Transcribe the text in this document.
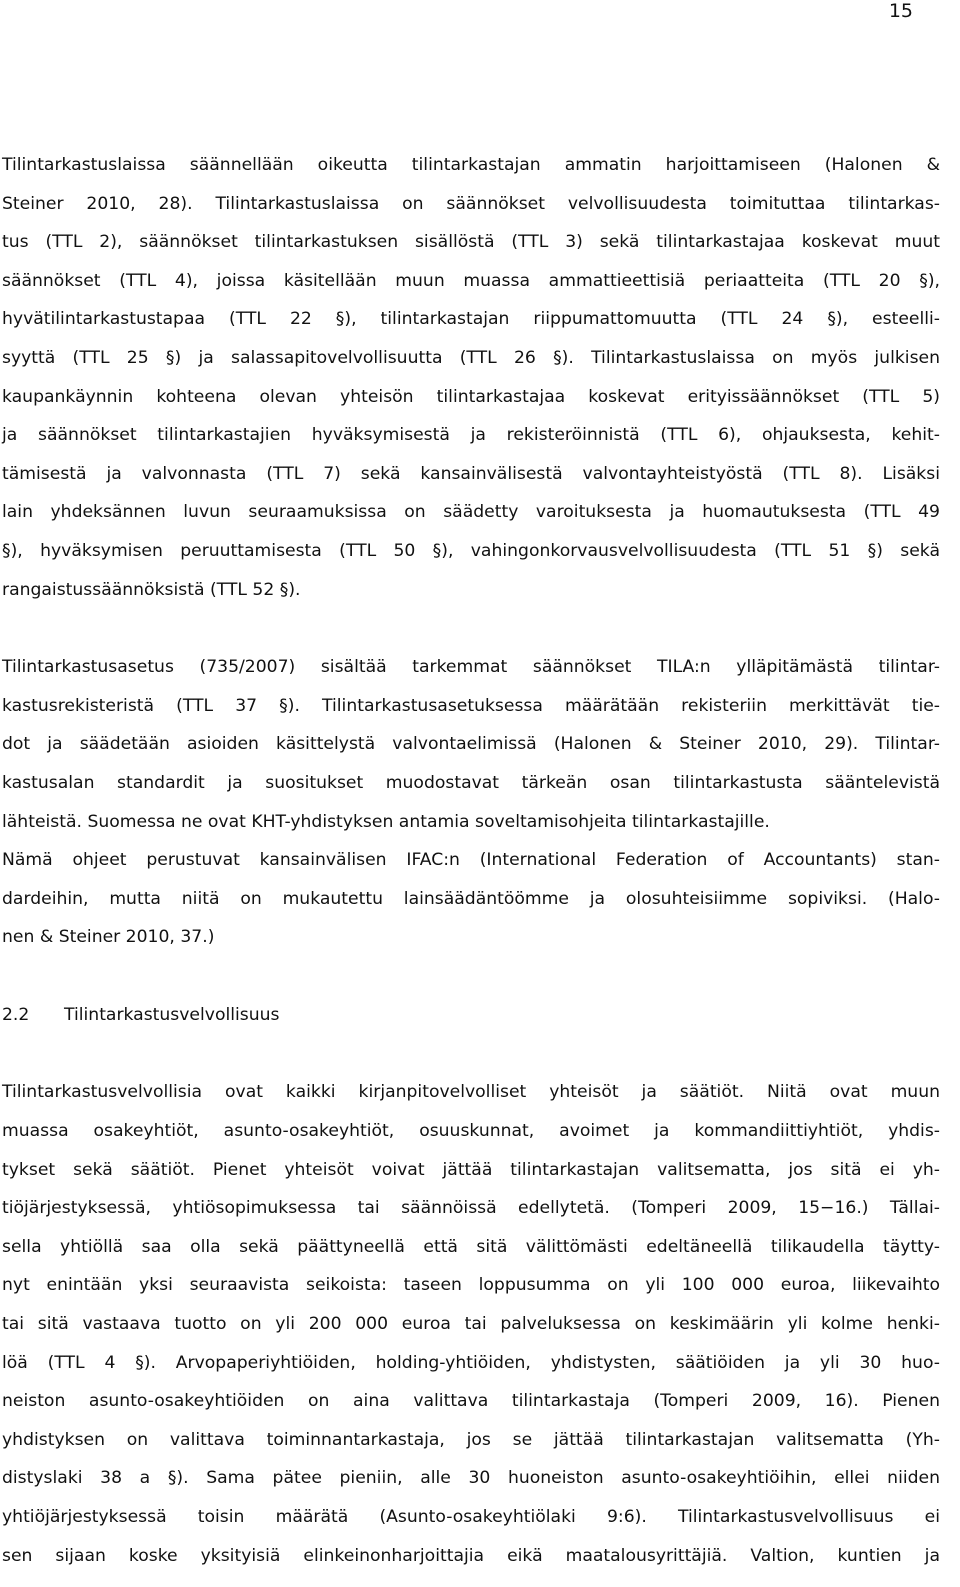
15
Tilintarkastuslaissa säännellään oikeutta tilintarkastajan ammatin harjoittamiseen (Halonen &
Steiner 2010, 28). Tilintarkastuslaissa on säännökset velvollisuudesta toimituttaa tilintarkas-
tus (TTL 2), säännökset tilintarkastuksen sisällöstä (TTL 3) sekä tilintarkastajaa koskevat muut
säännökset (TTL 4), joissa käsitellään muun muassa ammattieettisiä periaatteita (TTL 20 §),
hyvätilintarkastustapaa (TTL 22 §), tilintarkastajan riippumattomuutta (TTL 24 §), esteelli-
syyttä (TTL 25 §) ja salassapitovelvollisuutta (TTL 26 §). Tilintarkastuslaissa on myös julkisen
kaupankäynnin kohteena olevan yhteisön tilintarkastajaa koskevat erityissäännökset (TTL 5)
ja säännökset tilintarkastajien hyväksymisestä ja rekisteröinnistä (TTL 6), ohjauksesta, kehit-
tämisestä ja valvonnasta (TTL 7) sekä kansainvälisestä valvontayhteistyöstä (TTL 8). Lisäksi
lain yhdeksännen luvun seuraamuksissa on säädetty varoituksesta ja huomautuksesta (TTL 49
§), hyväksymisen peruuttamisesta (TTL 50 §), vahingonkorvausvelvollisuudesta (TTL 51 §) sekä
rangaistussäännöksistä (TTL 52 §).
Tilintarkastusasetus (735/2007) sisältää tarkemmat säännökset TILA:n ylläpitämästä tilintar-
kastusrekisteristä (TTL 37 §). Tilintarkastusasetuksessa määrätään rekisteriin merkittävät tie-
dot ja säädetään asioiden käsittelystä valvontaelimissä (Halonen & Steiner 2010, 29). Tilintar-
kastusalan standardit ja suositukset muodostavat tärkeän osan tilintarkastusta sääntelevistä
lähteistä. Suomessa ne ovat KHT-yhdistyksen antamia soveltamisohjeita tilintarkastajille.
Nämä ohjeet perustuvat kansainvälisen IFAC:n (International Federation of Accountants) stan-
dardeihin, mutta niitä on mukautettu lainsäädäntöömme ja olosuhteisiimme sopiviksi. (Halo-
nen & Steiner 2010, 37.)
2.2 Tilintarkastusvelvollisuus
Tilintarkastusvelvollisia ovat kaikki kirjanpitovelvolliset yhteisöt ja säätiöt. Niitä ovat muun
muassa osakeyhtiöt, asunto-osakeyhtiöt, osuuskunnat, avoimet ja kommandiittiyhtiöt, yhdis-
tykset sekä säätiöt. Pienet yhteisöt voivat jättää tilintarkastajan valitsematta, jos sitä ei yh-
tiöjärjestyksessä, yhtiösopimuksessa tai säännöissä edellytetä. (Tomperi 2009, 15−16.) Tällai-
sella yhtiöllä saa olla sekä päättyneellä että sitä välittömästi edeltäneellä tilikaudella täytty-
nyt enintään yksi seuraavista seikoista: taseen loppusumma on yli 100 000 euroa, liikevaihto
tai sitä vastaava tuotto on yli 200 000 euroa tai palveluksessa on keskimäärin yli kolme henki-
löä (TTL 4 §). Arvopaperiyhtiöiden, holding-yhtiöiden, yhdistysten, säätiöiden ja yli 30 huo-
neiston asunto-osakeyhtiöiden on aina valittava tilintarkastaja (Tomperi 2009, 16). Pienen
yhdistyksen on valittava toiminnantarkastaja, jos se jättää tilintarkastajan valitsematta (Yh-
distyslaki 38 a §). Sama pätee pieniin, alle 30 huoneiston asunto-osakeyhtiöihin, ellei niiden
yhtiöjärjestyksessä toisin määrätä (Asunto-osakeyhtiölaki 9:6). Tilintarkastusvelvollisuus ei
sen sijaan koske yksityisiä elinkeinonharjoittajia eikä maatalousyrittäjiä. Valtion, kuntien ja
